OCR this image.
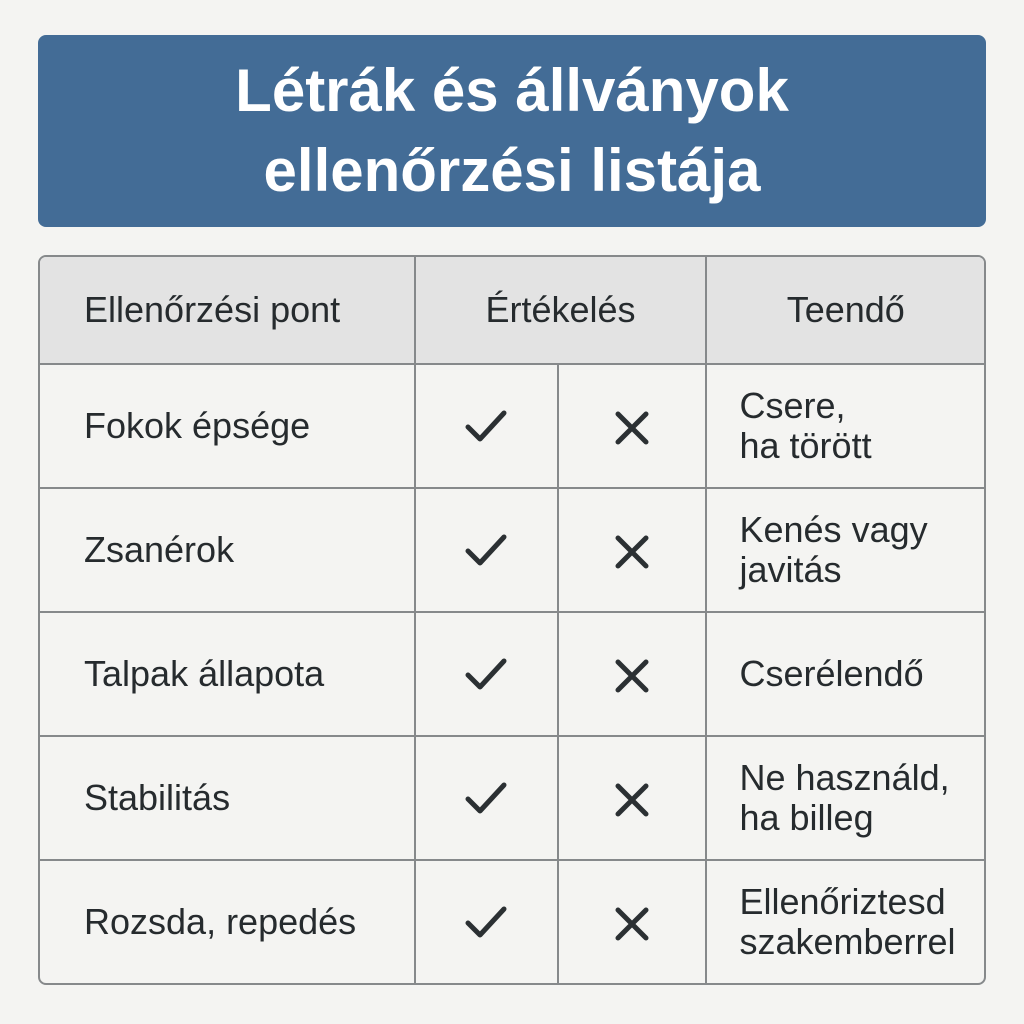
Létrák és állványok
ellenőrzési listája
Ellenőrzési pont	Értékelés		Teendő
Fokok épsége			Csere,
ha törött

Zsanérok			Kenés vagy
javitás

Talpak állapota			Cserélendő

Stabilitás			Ne használd,
ha billeg

Rozsda, repedés			Ellenőriztesd
szakemberrel
